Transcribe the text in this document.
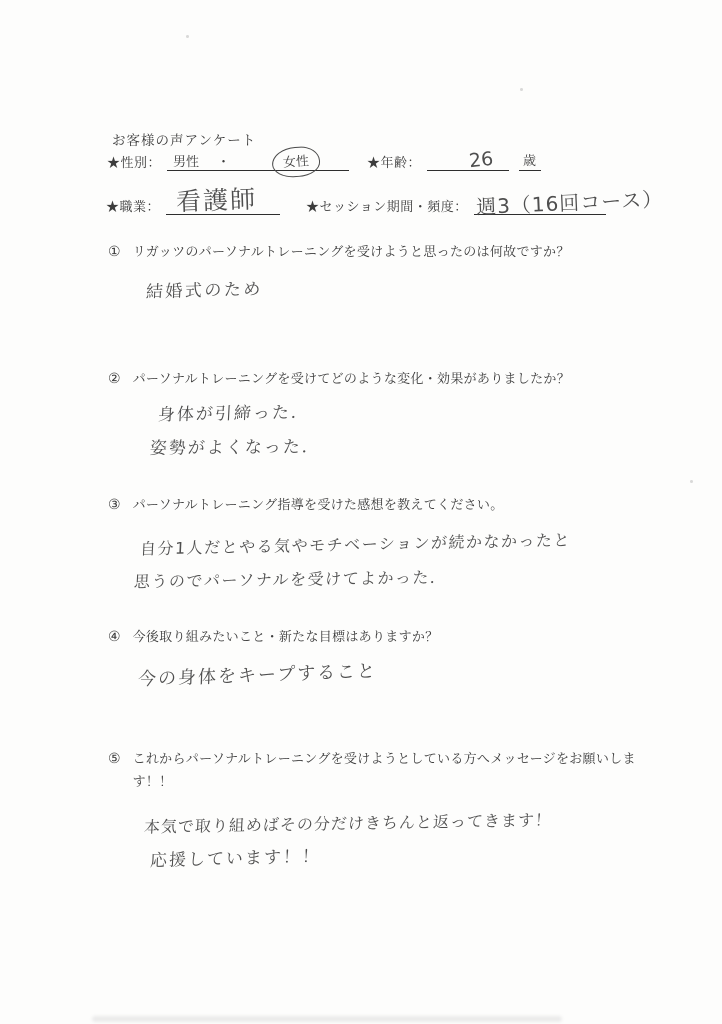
お客様の声アンケート
★性別： 男性 ・	女性	★年齢： 26	歳
★職業： 看護師	★セッション期間・頻度： 週3（16回コース）
① リガッツのパーソナルトレーニングを受けようと思ったのは何故ですか？
結婚式のため
② パーソナルトレーニングを受けてどのような変化・効果がありましたか？
身体が引締った．
姿勢がよくなった．
③ パーソナルトレーニング指導を受けた感想を教えてください。
自分1人だとやる気やモチベーションが続かなかったと
思うのでパーソナルを受けてよかった．
④ 今後取り組みたいこと・新たな目標はありますか？
今の身体をキープすること
⑤ これからパーソナルトレーニングを受けようとしている方へメッセージをお願いします！！
本気で取り組めばその分だけきちんと返ってきます！
応援しています！！
